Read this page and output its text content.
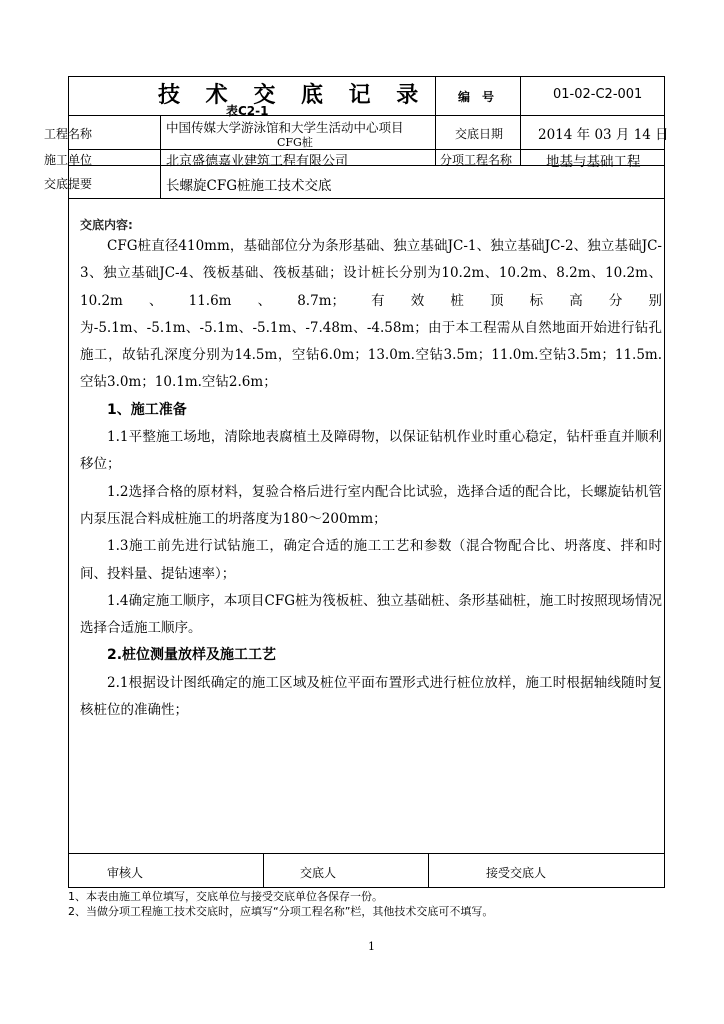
技 术 交 底 记 录
表C2-1
编　号	01-02-C2-001
工程名称	中国传媒大学游泳馆和大学生活动中心项目
CFG桩
交底日期	2014 年 03 月 14 日
施工单位	北京盛德嘉业建筑工程有限公司	分项工程名称	地基与基础工程
交底提要	长螺旋CFG桩施工技术交底
交底内容:

CFG桩直径410mm，基础部位分为条形基础、独立基础JC-1、独立基础JC-2、独立基础JC-3、独立基础JC-4、筏板基础、筏板基础；设计桩长分别为10.2m、10.2m、8.2m、10.2m、10.2m、11.6m、8.7m；有效桩顶标高分别为-5.1m、-5.1m、-5.1m、-5.1m、-7.48m、-4.58m；由于本工程需从自然地面开始进行钻孔施工，故钻孔深度分别为14.5m，空钻6.0m；13.0m.空钻3.5m；11.0m.空钻3.5m；11.5m.空钻3.0m；10.1m.空钻2.6m；

1、施工准备

1.1平整施工场地，清除地表腐植土及障碍物，以保证钻机作业时重心稳定，钻杆垂直并顺利移位；

1.2选择合格的原材料，复验合格后进行室内配合比试验，选择合适的配合比，长螺旋钻机管内泵压混合料成桩施工的坍落度为180～200mm；

1.3施工前先进行试钻施工，确定合适的施工工艺和参数（混合物配合比、坍落度、拌和时间、投料量、提钻速率）；

1.4确定施工顺序，本项目CFG桩为筏板桩、独立基础桩、条形基础桩，施工时按照现场情况选择合适施工顺序。

2.桩位测量放样及施工工艺

2.1根据设计图纸确定的施工区域及桩位平面布置形式进行桩位放样，施工时根据轴线随时复核桩位的准确性；

审核人	交底人	接受交底人
1、本表由施工单位填写，交底单位与接受交底单位各保存一份。
2、当做分项工程施工技术交底时，应填写“分项工程名称”栏，其他技术交底可不填写。
1
